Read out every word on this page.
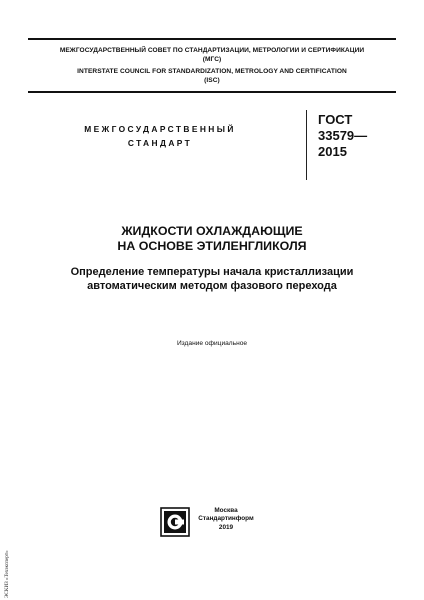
МЕЖГОСУДАРСТВЕННЫЙ СОВЕТ ПО СТАНДАРТИЗАЦИИ, МЕТРОЛОГИИ И СЕРТИФИКАЦИИ
(МГС)
INTERSTATE COUNCIL FOR STANDARDIZATION, METROLOGY AND CERTIFICATION
(ISC)
МЕЖГОСУДАРСТВЕННЫЙ
СТАНДАРТ
ГОСТ
33579—
2015
ЖИДКОСТИ ОХЛАЖДАЮЩИЕ
НА ОСНОВЕ ЭТИЛЕНГЛИКОЛЯ
Определение температуры начала кристаллизации
автоматическим методом фазового перехода
Издание официальное
Москва
Стандартинформ
2019
ЭСКИЗ «Техэксперт»
